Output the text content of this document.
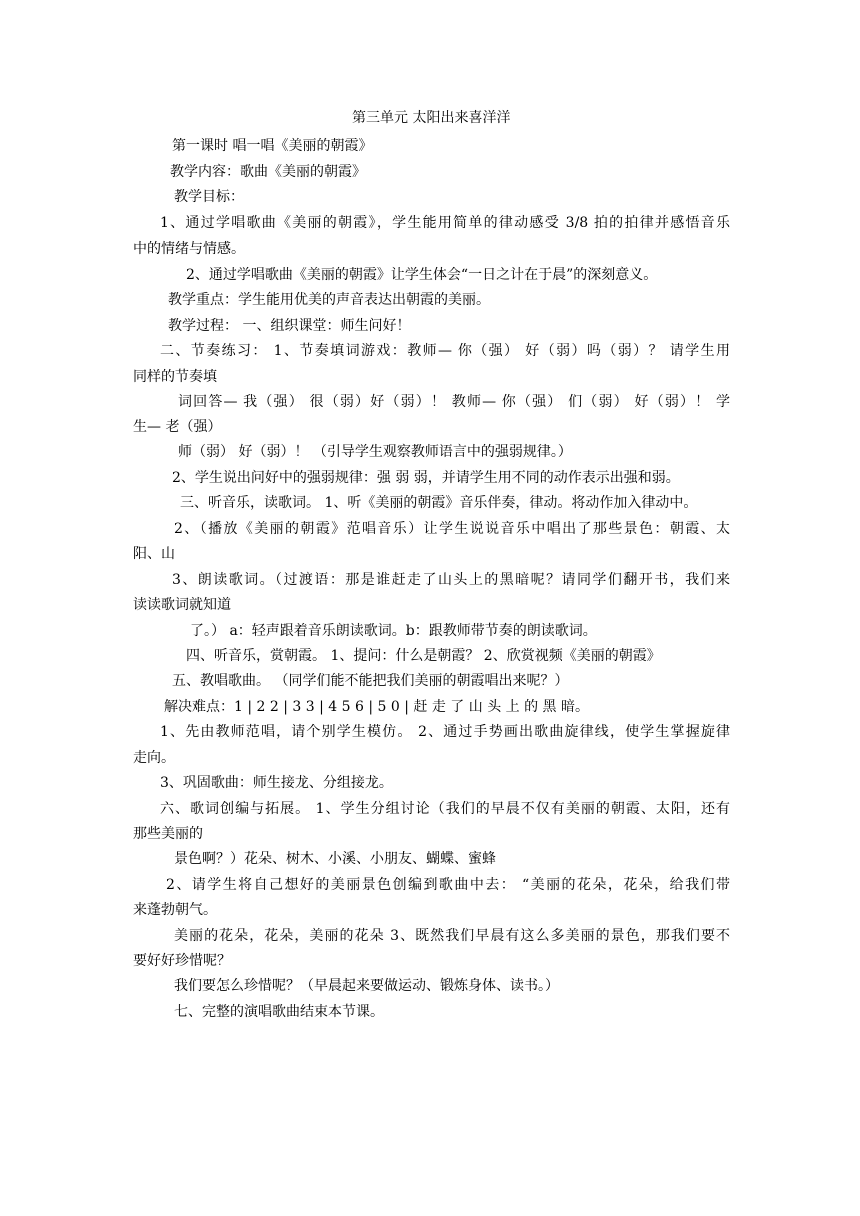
第三单元 太阳出来喜洋洋
第一课时 唱一唱《美丽的朝霞》
教学内容：歌曲《美丽的朝霞》
教学目标：
1、通过学唱歌曲《美丽的朝霞》，学生能用简单的律动感受 3/8 拍的拍律并感悟音乐
中的情绪与情感。
2、通过学唱歌曲《美丽的朝霞》让学生体会“一日之计在于晨”的深刻意义。
教学重点：学生能用优美的声音表达出朝霞的美丽。
教学过程： 一、组织课堂：师生问好！
二、节奏练习： 1、节奏填词游戏：教师— 你（强） 好（弱）吗（弱）？ 请学生用
同样的节奏填
词回答— 我（强） 很（弱）好（弱）！ 教师— 你（强） 们（弱） 好（弱）！ 学
生— 老（强）
师（弱） 好（弱）！ （引导学生观察教师语言中的强弱规律。）
2、学生说出问好中的强弱规律：强 弱 弱，并请学生用不同的动作表示出强和弱。
三、听音乐，读歌词。 1、听《美丽的朝霞》音乐伴奏，律动。将动作加入律动中。
2、（播放《美丽的朝霞》范唱音乐）让学生说说音乐中唱出了那些景色：朝霞、太
阳、山
3、朗读歌词。（过渡语：那是谁赶走了山头上的黑暗呢？请同学们翻开书，我们来
读读歌词就知道
了。） a：轻声跟着音乐朗读歌词。b：跟教师带节奏的朗读歌词。
四、听音乐，赏朝霞。 1、提问：什么是朝霞？ 2、欣赏视频《美丽的朝霞》
五、教唱歌曲。 （同学们能不能把我们美丽的朝霞唱出来呢？）
解决难点：1 | 2 2 | 3 3 | 4 5 6 | 5 0 | 赶 走 了 山 头 上 的 黑 暗。
1、先由教师范唱，请个别学生模仿。 2、通过手势画出歌曲旋律线，使学生掌握旋律
走向。
3、巩固歌曲：师生接龙、分组接龙。
六、歌词创编与拓展。 1、学生分组讨论（我们的早晨不仅有美丽的朝霞、太阳，还有
那些美丽的
景色啊？）花朵、树木、小溪、小朋友、蝴蝶、蜜蜂
2、请学生将自己想好的美丽景色创编到歌曲中去： “美丽的花朵，花朵，给我们带
来蓬勃朝气。
美丽的花朵，花朵，美丽的花朵 3、既然我们早晨有这么多美丽的景色，那我们要不
要好好珍惜呢？
我们要怎么珍惜呢？（早晨起来要做运动、锻炼身体、读书。）
七、完整的演唱歌曲结束本节课。
